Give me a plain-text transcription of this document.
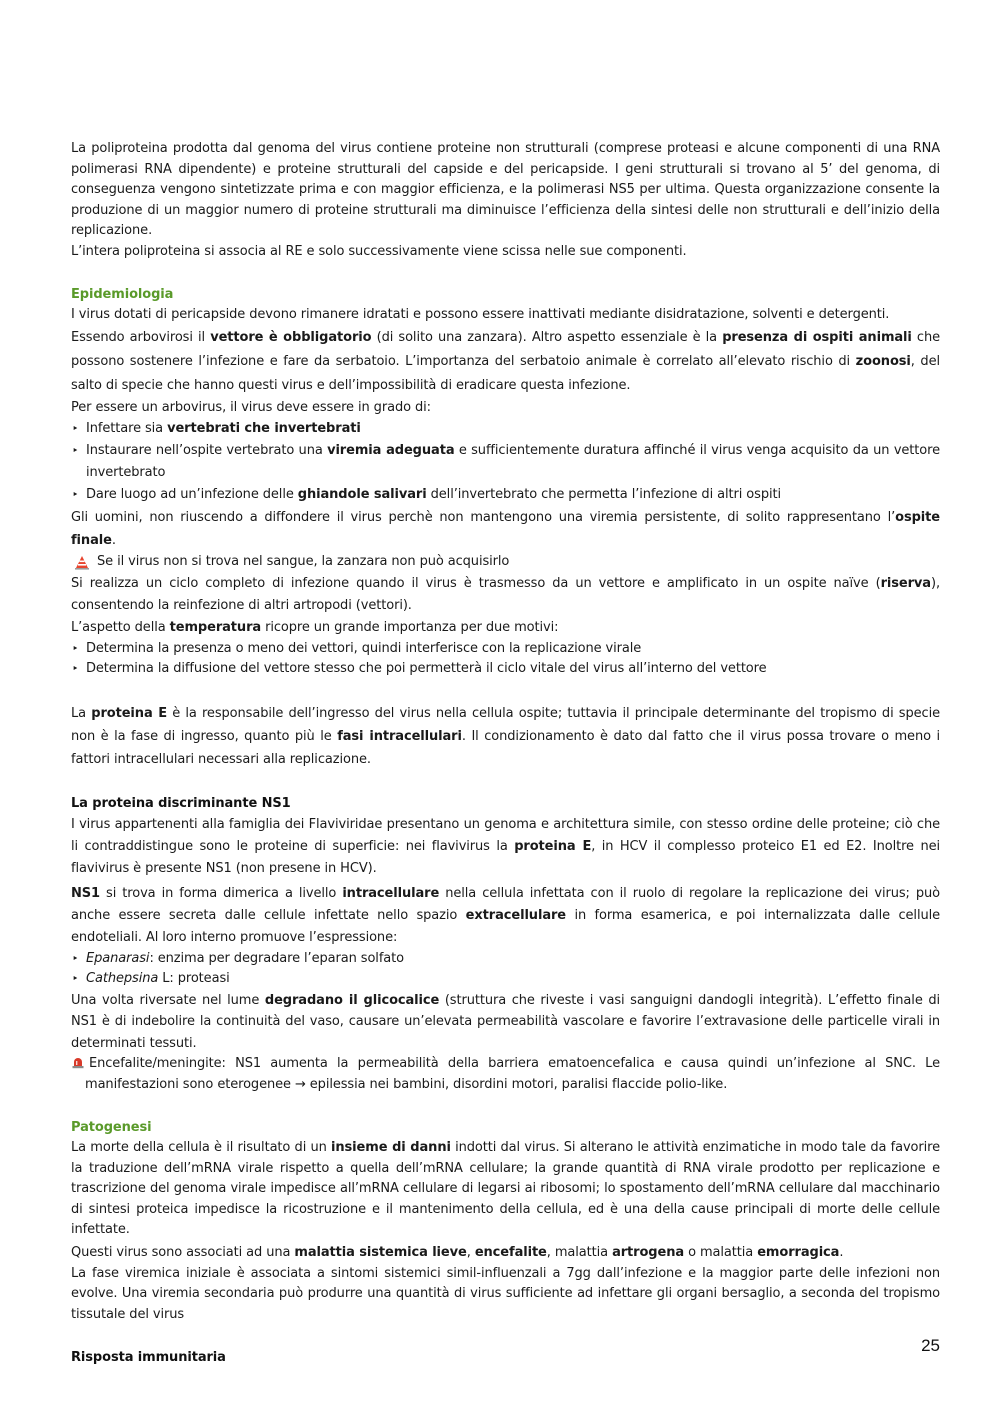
La poliproteina prodotta dal genoma del virus contiene proteine non strutturali (comprese proteasi e alcune componenti di una RNA polimerasi RNA dipendente) e proteine strutturali del capside e del pericapside. I geni strutturali si trovano al 5’ del genoma, di conseguenza vengono sintetizzate prima e con maggior efficienza, e la polimerasi NS5 per ultima. Questa organizzazione consente la produzione di un maggior numero di proteine strutturali ma diminuisce l’efficienza della sintesi delle non strutturali e dell’inizio della replicazione.

L’intera poliproteina si associa al RE e solo successivamente viene scissa nelle sue componenti.

Epidemiologia

I virus dotati di pericapside devono rimanere idratati e possono essere inattivati mediante disidratazione, solventi e detergenti.

Essendo arbovirosi il vettore è obbligatorio (di solito una zanzara). Altro aspetto essenziale è la presenza di ospiti animali che possono sostenere l’infezione e fare da serbatoio. L’importanza del serbatoio animale è correlato all’elevato rischio di zoonosi, del salto di specie che hanno questi virus e dell’impossibilità di eradicare questa infezione.

Per essere un arbovirus, il virus deve essere in grado di:

‣ Infettare sia vertebrati che invertebrati
‣ Instaurare nell’ospite vertebrato una viremia adeguata e sufficientemente duratura affinché il virus venga acquisito da un vettore invertebrato
‣ Dare luogo ad un’infezione delle ghiandole salivari dell’invertebrato che permetta l’infezione di altri ospiti

Gli uomini, non riuscendo a diffondere il virus perchè non mantengono una viremia persistente, di solito rappresentano l’ospite finale.

Se il virus non si trova nel sangue, la zanzara non può acquisirlo

Si realizza un ciclo completo di infezione quando il virus è trasmesso da un vettore e amplificato in un ospite naïve (riserva), consentendo la reinfezione di altri artropodi (vettori).

L’aspetto della temperatura ricopre un grande importanza per due motivi:

‣ Determina la presenza o meno dei vettori, quindi interferisce con la replicazione virale
‣ Determina la diffusione del vettore stesso che poi permetterà il ciclo vitale del virus all’interno del vettore

La proteina E è la responsabile dell’ingresso del virus nella cellula ospite; tuttavia il principale determinante del tropismo di specie non è la fase di ingresso, quanto più le fasi intracellulari. Il condizionamento è dato dal fatto che il virus possa trovare o meno i fattori intracellulari necessari alla replicazione.

La proteina discriminante NS1

I virus appartenenti alla famiglia dei Flaviviridae presentano un genoma e architettura simile, con stesso ordine delle proteine; ciò che li contraddistingue sono le proteine di superficie: nei flavivirus la proteina E, in HCV il complesso proteico E1 ed E2. Inoltre nei flavivirus è presente NS1 (non presene in HCV).

NS1 si trova in forma dimerica a livello intracellulare nella cellula infettata con il ruolo di regolare la replicazione dei virus; può anche essere secreta dalle cellule infettate nello spazio extracellulare in forma esamerica, e poi internalizzata dalle cellule endoteliali. Al loro interno promuove l’espressione:

‣ Epanarasi: enzima per degradare l’eparan solfato
‣ Cathepsina L: proteasi

Una volta riversate nel lume degradano il glicocalice (struttura che riveste i vasi sanguigni dandogli integrità). L’effetto finale di NS1 è di indebolire la continuità del vaso, causare un’elevata permeabilità vascolare e favorire l’extravasione delle particelle virali in determinati tessuti.

Encefalite/meningite: NS1 aumenta la permeabilità della barriera ematoencefalica e causa quindi un’infezione al SNC. Le manifestazioni sono eterogenee → epilessia nei bambini, disordini motori, paralisi flaccide polio-like.

Patogenesi

La morte della cellula è il risultato di un insieme di danni indotti dal virus. Si alterano le attività enzimatiche in modo tale da favorire la traduzione dell’mRNA virale rispetto a quella dell’mRNA cellulare; la grande quantità di RNA virale prodotto per replicazione e trascrizione del genoma virale impedisce all’mRNA cellulare di legarsi ai ribosomi; lo spostamento dell’mRNA cellulare dal macchinario di sintesi proteica impedisce la ricostruzione e il mantenimento della cellula, ed è una della cause principali di morte delle cellule infettate.

Questi virus sono associati ad una malattia sistemica lieve, encefalite, malattia artrogena o malattia emorragica.

La fase viremica iniziale è associata a sintomi sistemici simil-influenzali a 7gg dall’infezione e la maggior parte delle infezioni non evolve. Una viremia secondaria può produrre una quantità di virus sufficiente ad infettare gli organi bersaglio, a seconda del tropismo tissutale del virus

Risposta immunitaria
25
